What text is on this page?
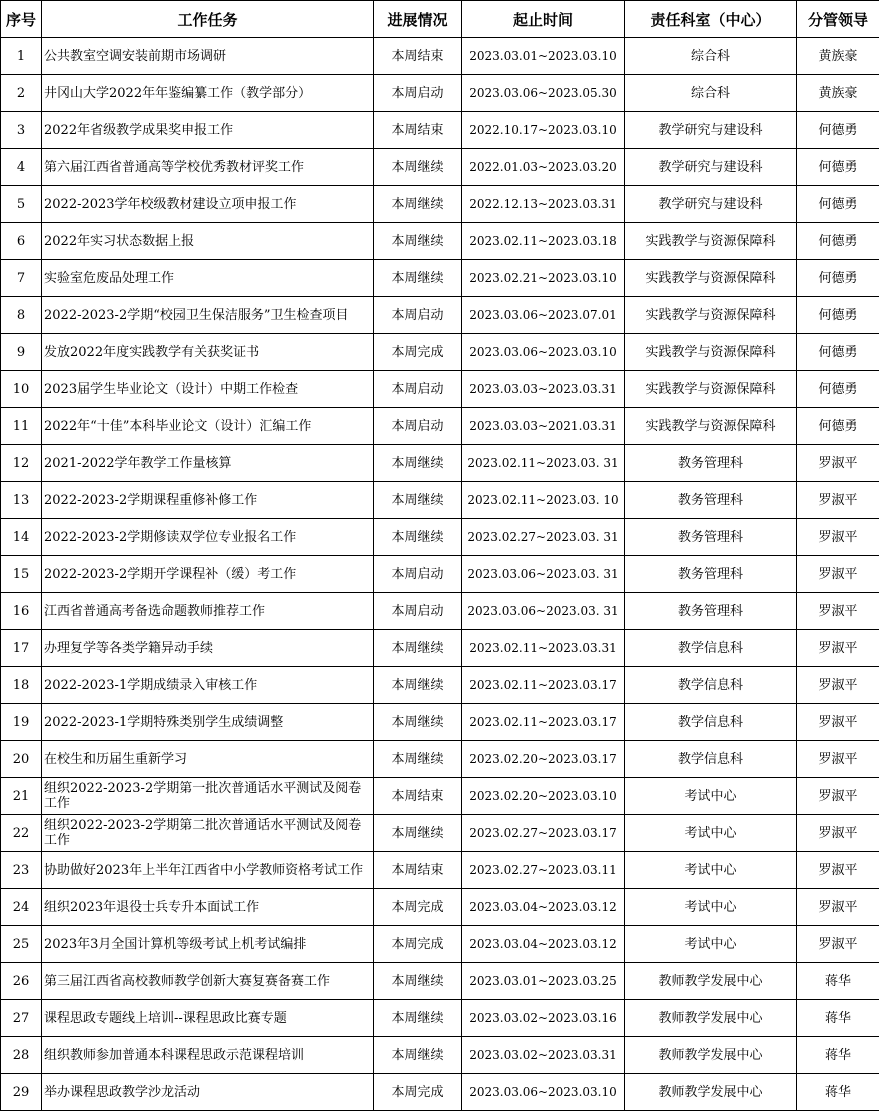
序号	工作任务	进展情况	起止时间	责任科室（中心）	分管领导
1	公共教室空调安装前期市场调研	本周结束	2023.03.01~2023.03.10	综合科	黄族豪
2	井冈山大学2022年年鉴编纂工作（教学部分）	本周启动	2023.03.06~2023.05.30	综合科	黄族豪
3	2022年省级教学成果奖申报工作	本周结束	2022.10.17~2023.03.10	教学研究与建设科	何德勇
4	第六届江西省普通高等学校优秀教材评奖工作	本周继续	2022.01.03~2023.03.20	教学研究与建设科	何德勇
5	2022-2023学年校级教材建设立项申报工作	本周继续	2022.12.13~2023.03.31	教学研究与建设科	何德勇
6	2022年实习状态数据上报	本周继续	2023.02.11~2023.03.18	实践教学与资源保障科	何德勇
7	实验室危废品处理工作	本周继续	2023.02.21~2023.03.10	实践教学与资源保障科	何德勇
8	2022-2023-2学期“校园卫生保洁服务”卫生检查项目	本周启动	2023.03.06~2023.07.01	实践教学与资源保障科	何德勇
9	发放2022年度实践教学有关获奖证书	本周完成	2023.03.06~2023.03.10	实践教学与资源保障科	何德勇
10	2023届学生毕业论文（设计）中期工作检查	本周启动	2023.03.03~2023.03.31	实践教学与资源保障科	何德勇
11	2022年“十佳”本科毕业论文（设计）汇编工作	本周启动	2023.03.03~2021.03.31	实践教学与资源保障科	何德勇
12	2021-2022学年教学工作量核算	本周继续	2023.02.11~2023.03. 31	教务管理科	罗淑平
13	2022-2023-2学期课程重修补修工作	本周继续	2023.02.11~2023.03. 10	教务管理科	罗淑平
14	2022-2023-2学期修读双学位专业报名工作	本周继续	2023.02.27~2023.03. 31	教务管理科	罗淑平
15	2022-2023-2学期开学课程补（缓）考工作	本周启动	2023.03.06~2023.03. 31	教务管理科	罗淑平
16	江西省普通高考备选命题教师推荐工作	本周启动	2023.03.06~2023.03. 31	教务管理科	罗淑平
17	办理复学等各类学籍异动手续	本周继续	2023.02.11~2023.03.31	教学信息科	罗淑平
18	2022-2023-1学期成绩录入审核工作	本周继续	2023.02.11~2023.03.17	教学信息科	罗淑平
19	2022-2023-1学期特殊类别学生成绩调整	本周继续	2023.02.11~2023.03.17	教学信息科	罗淑平
20	在校生和历届生重新学习	本周继续	2023.02.20~2023.03.17	教学信息科	罗淑平
21	组织2022-2023-2学期第一批次普通话水平测试及阅卷工作	本周结束	2023.02.20~2023.03.10	考试中心	罗淑平
22	组织2022-2023-2学期第二批次普通话水平测试及阅卷工作	本周继续	2023.02.27~2023.03.17	考试中心	罗淑平
23	协助做好2023年上半年江西省中小学教师资格考试工作	本周结束	2023.02.27~2023.03.11	考试中心	罗淑平
24	组织2023年退役士兵专升本面试工作	本周完成	2023.03.04~2023.03.12	考试中心	罗淑平
25	2023年3月全国计算机等级考试上机考试编排	本周完成	2023.03.04~2023.03.12	考试中心	罗淑平
26	第三届江西省高校教师教学创新大赛复赛备赛工作	本周继续	2023.03.01~2023.03.25	教师教学发展中心	蒋华
27	课程思政专题线上培训--课程思政比赛专题	本周继续	2023.03.02~2023.03.16	教师教学发展中心	蒋华
28	组织教师参加普通本科课程思政示范课程培训	本周继续	2023.03.02~2023.03.31	教师教学发展中心	蒋华
29	举办课程思政教学沙龙活动	本周完成	2023.03.06~2023.03.10	教师教学发展中心	蒋华
